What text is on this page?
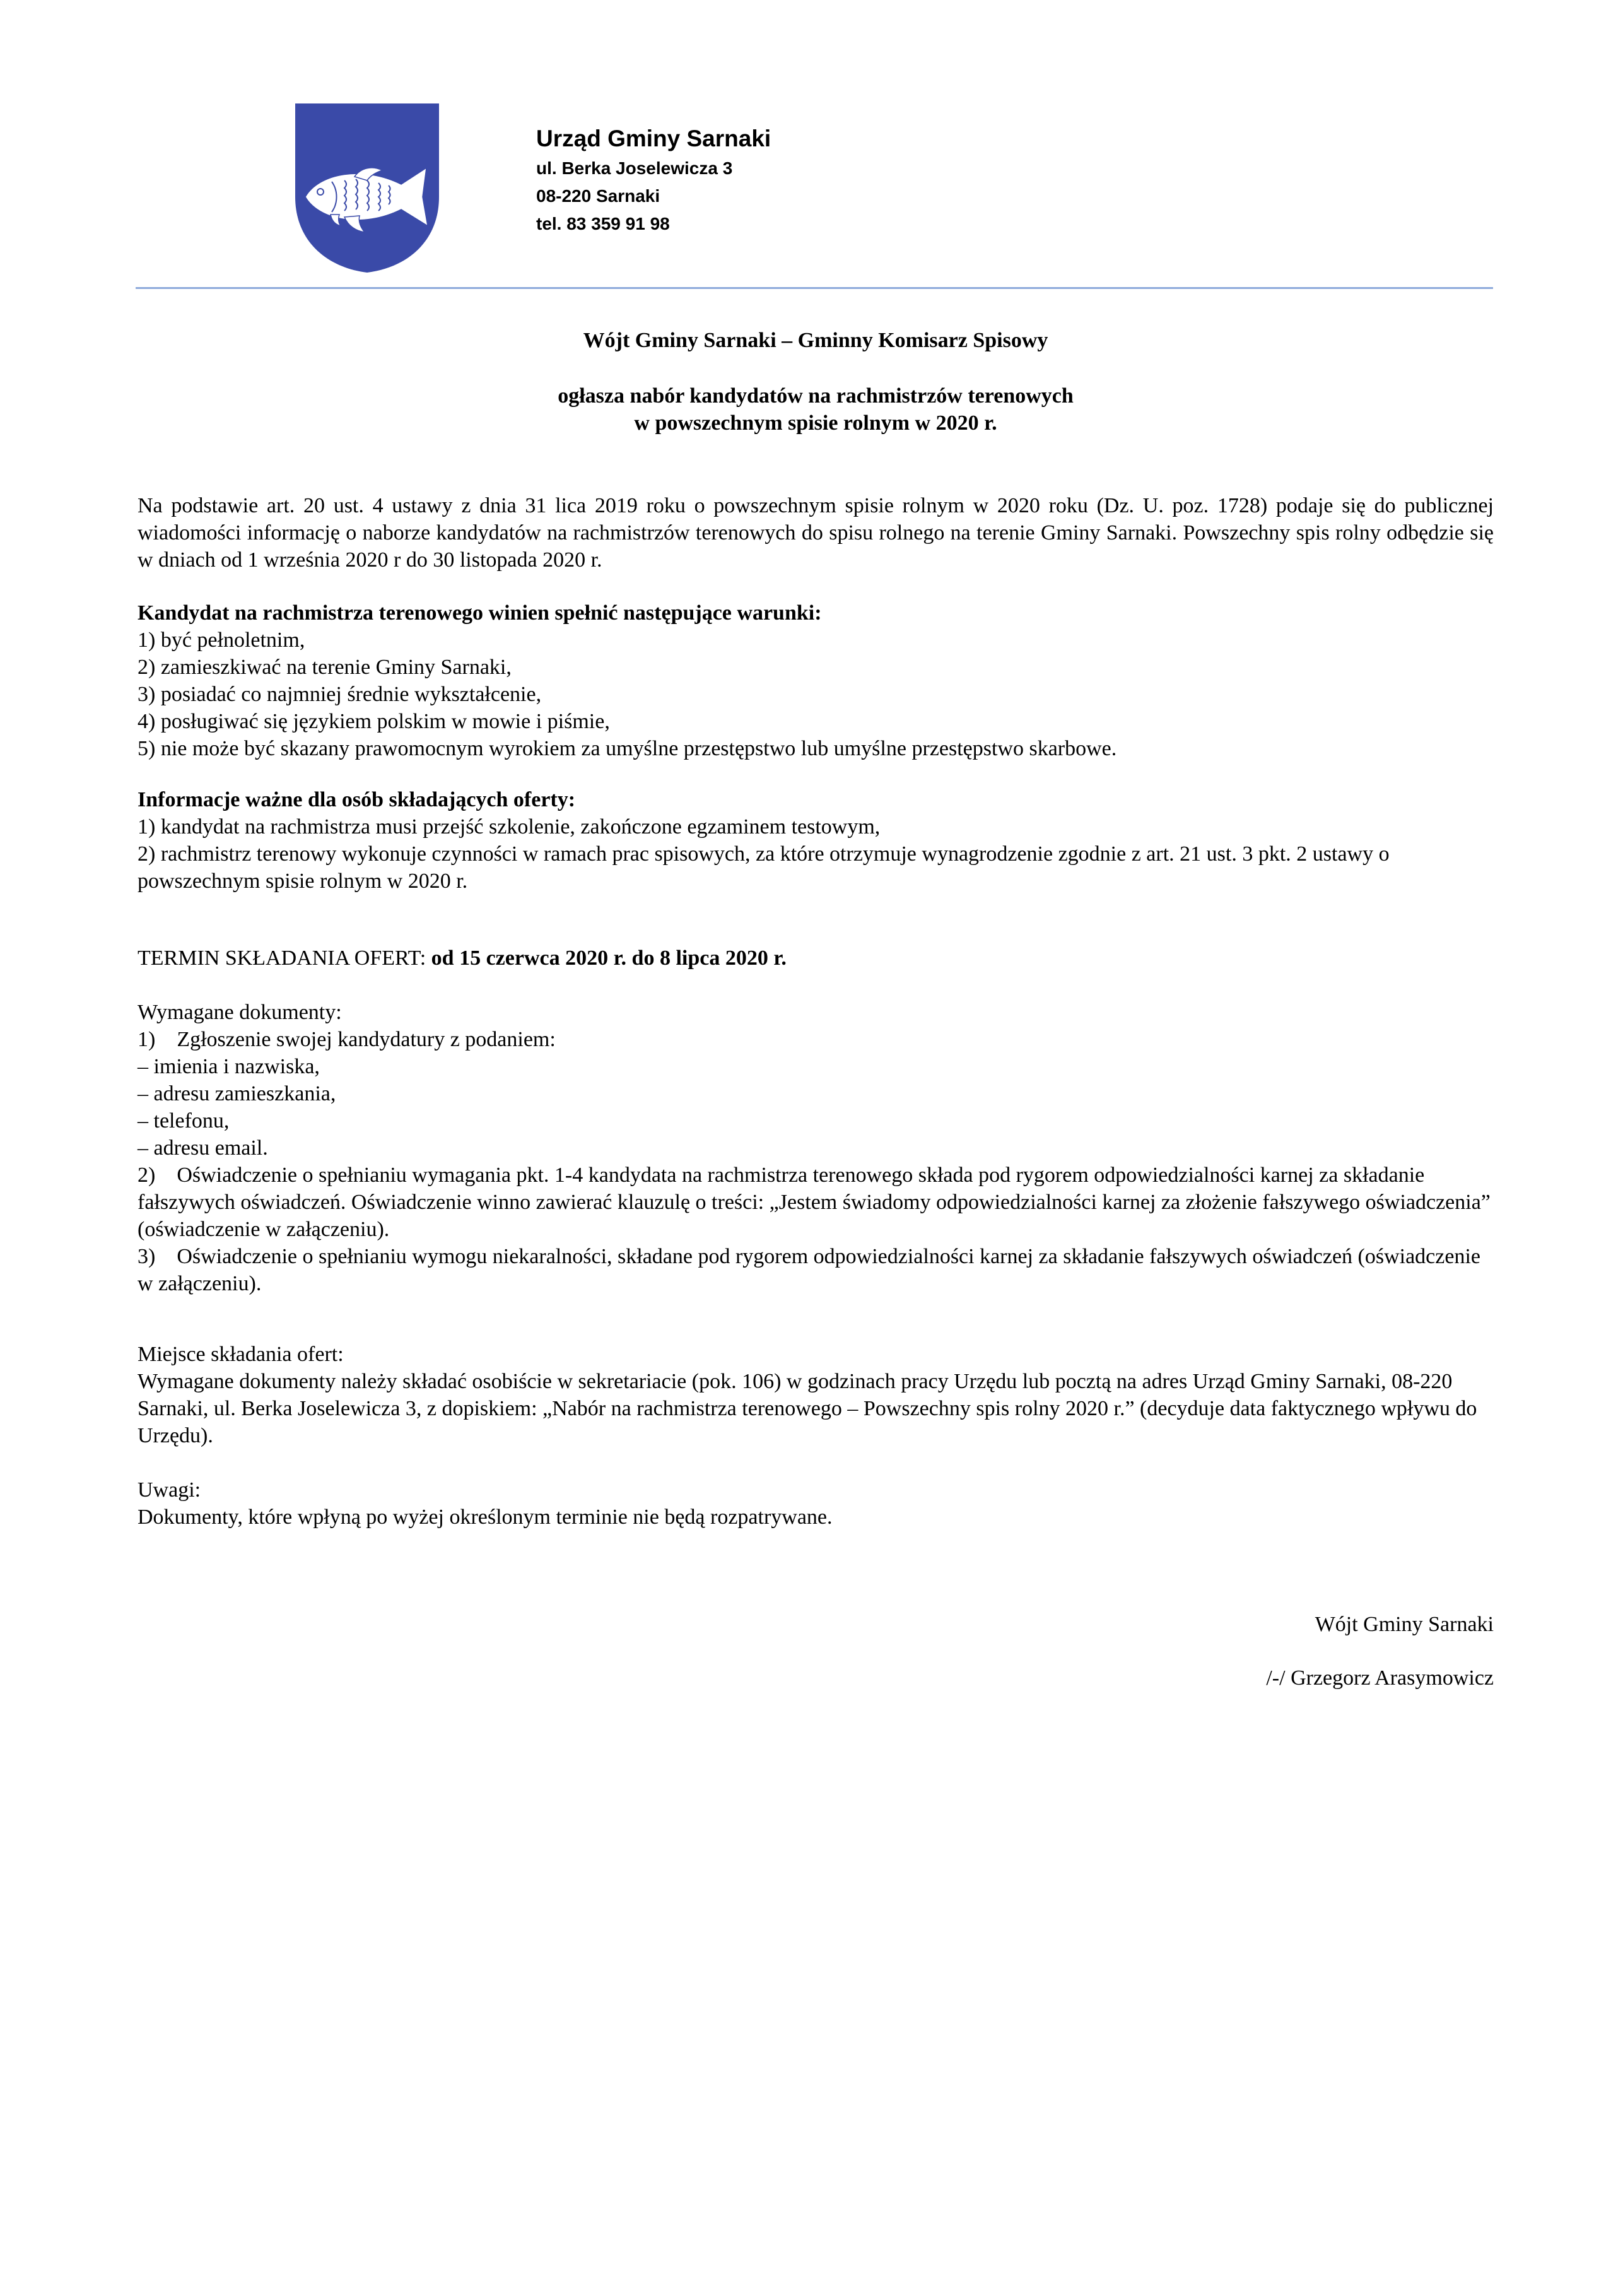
Urząd Gminy Sarnaki
ul. Berka Joselewicza 3
08-220 Sarnaki
tel. 83 359 91 98
Wójt Gminy Sarnaki – Gminny Komisarz Spisowy
ogłasza nabór kandydatów na rachmistrzów terenowych
w powszechnym spisie rolnym w 2020 r.

Na podstawie art. 20 ust. 4 ustawy z dnia 31 lica 2019 roku o powszechnym spisie rolnym w 2020 roku (Dz. U. poz. 1728) podaje się do publicznej wiadomości informację o naborze kandydatów na rachmistrzów terenowych do spisu rolnego na terenie Gminy Sarnaki. Powszechny spis rolny odbędzie się w dniach od 1 września 2020 r do 30 listopada 2020 r.

Kandydat na rachmistrza terenowego winien spełnić następujące warunki:
1) być pełnoletnim,
2) zamieszkiwać na terenie Gminy Sarnaki,
3) posiadać co najmniej średnie wykształcenie,
4) posługiwać się językiem polskim w mowie i piśmie,
5) nie może być skazany prawomocnym wyrokiem za umyślne przestępstwo lub umyślne przestępstwo skarbowe.
Informacje ważne dla osób składających oferty:
1) kandydat na rachmistrza musi przejść szkolenie, zakończone egzaminem testowym,
2) rachmistrz terenowy wykonuje czynności w ramach prac spisowych, za które otrzymuje wynagrodzenie zgodnie z art. 21 ust. 3 pkt. 2 ustawy o powszechnym spisie rolnym w 2020 r.
TERMIN SKŁADANIA OFERT: od 15 czerwca 2020 r. do 8 lipca 2020 r.
Wymagane dokumenty:
1)    Zgłoszenie swojej kandydatury z podaniem:
– imienia i nazwiska,
– adresu zamieszkania,
– telefonu,
– adresu email.
2)    Oświadczenie o spełnianiu wymagania pkt. 1-4 kandydata na rachmistrza terenowego składa pod rygorem odpowiedzialności karnej za składanie fałszywych oświadczeń. Oświadczenie winno zawierać klauzulę o treści: „Jestem świadomy odpowiedzialności karnej za złożenie fałszywego oświadczenia” (oświadczenie w załączeniu).
3)    Oświadczenie o spełnianiu wymogu niekaralności, składane pod rygorem odpowiedzialności karnej za składanie fałszywych oświadczeń (oświadczenie w załączeniu).
Miejsce składania ofert:
Wymagane dokumenty należy składać osobiście w sekretariacie (pok. 106) w godzinach pracy Urzędu lub pocztą na adres Urząd Gminy Sarnaki, 08-220 Sarnaki, ul. Berka Joselewicza 3, z dopiskiem: „Nabór na rachmistrza terenowego – Powszechny spis rolny 2020 r.” (decyduje data faktycznego wpływu do Urzędu).
Uwagi:
Dokumenty, które wpłyną po wyżej określonym terminie nie będą rozpatrywane.
Wójt Gminy Sarnaki
/-/ Grzegorz Arasymowicz
